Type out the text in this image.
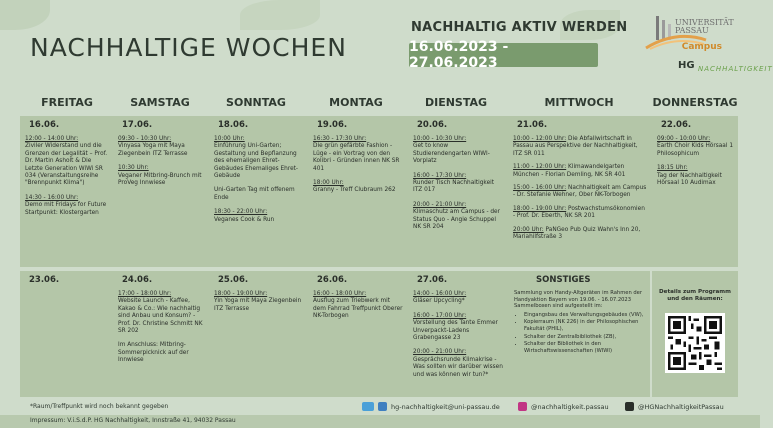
NACHHALTIGE WOCHEN
NACHHALTIG AKTIV WERDEN
16.06.2023 - 27.06.2023
UNIVERSITÄT PASSAU
Campus
HG NACHHALTIGKEIT
FREITAG	SAMSTAG	SONNTAG	MONTAG	DIENSTAG	MITTWOCH	DONNERSTAG
16.06.
12:00 - 14:00 Uhr:
Ziviler Widerstand und die Grenzen der Legalität – Prof. Dr. Martin Asholt & Die Letzte Generation WiWi SR 034 (Veranstaltungsreihe "Brennpunkt Klima")
14:30 - 16:00 Uhr:
Demo mit Fridays for Future Startpunkt: Klostergarten
17.06.
09:30 - 10:30 Uhr:
Vinyasa Yoga mit Maya Ziegenbein ITZ Terrasse
10:30 Uhr:
Veganer Mitbring-Brunch mit ProVeg Innwiese
18.06.
10:00 Uhr:
Einführung Uni-Garten; Gestaltung und Bepflanzung des ehemaligen Ehret-Gebäudes Ehemaliges Ehret-Gebäude
Uni-Garten Tag mit offenem Ende
18:30 - 22:00 Uhr:
Veganes Cook & Run
19.06.
16:30 - 17:30 Uhr:
Die grün gefärbte Fashion - Lüge - ein Vortrag von den Kolibri - Gründen innen NK SR 401
18:00 Uhr:
Granny - Treff Clubraum 262
20.06.
10:00 - 10:30 Uhr:
Get to know Studierendengarten WIWI-Vorplatz
16:00 - 17:30 Uhr:
Runder Tisch Nachhaltigkeit ITZ 017
20:00 - 21:00 Uhr:
Klimaschutz am Campus - der Status Quo - Angie Schuppel NK SR 204
21.06.
10:00 - 12:00 Uhr: Die Abfallwirtschaft in Passau aus Perspektive der Nachhaltigkeit, ITZ SR 011
11:00 - 12:00 Uhr: Klimawandelgarten München - Florian Demling, NK SR 401
15:00 - 16:00 Uhr: Nachhaltigkeit am Campus - Dr. Stefanie Wehner, Ober NK-Torbogen
18:00 - 19:00 Uhr: Postwachstumsökonomien - Prof. Dr. Eberth, NK SR 201
20:00 Uhr: PaNGeo Pub Quiz Wahn's Inn 20, Mariahilfstraße 3
22.06.
09:00 - 10:00 Uhr:
Earth Choir Kids Hörsaal 1 Philosophicum
18:15 Uhr:
Tag der Nachhaltigkeit Hörsaal 10 Audimax
23.06.	24.06.
17:00 - 18:00 Uhr:
Website Launch - Kaffee, Kakao & Co.: Wie nachhaltig sind Anbau und Konsum? - Prof. Dr. Christine Schmitt NK SR 202
Im Anschluss: Mitbring-Sommerpicknick auf der Innwiese
25.06.
18:00 - 19:00 Uhr:
Yin Yoga mit Maya Ziegenbein ITZ Terrasse
26.06.
16:00 - 18:00 Uhr:
Ausflug zum Triebwerk mit dem Fahrrad Treffpunkt Oberer NK-Torbogen
27.06.
14:00 - 16:00 Uhr:
Gläser Upcycling*
16:00 - 17:00 Uhr:
Vorstellung des Tante Emmer Unverpackt-Ladens Grabengasse 23
20:00 - 21:00 Uhr:
Gesprächsrunde Klimakrise - Was sollten wir darüber wissen und was können wir tun?*
SONSTIGES
Sammlung von Handy-Altgeräten im Rahmen der Handyaktion Bayern von 19.06. - 16.07.2023 Sammelboxen sind aufgestellt im:
• Eingangsbau des Verwaltungsgebäudes (VW),
• Kopierraum (NK 226) in der Philosophischen Fakultät (PHIL),
• Schalter der Zentralbibliothek (ZB),
• Schalter der Bibliothek in den Wirtschaftswissenschaften (WIWI)
Details zum Programm und den Räumen:
*Raum/Treffpunkt wird noch bekannt gegeben	hg-nachhaltigkeit@uni-passau.de	@nachhaltigkeit.passau	@HGNachhaltigkeitPassau
Impressum: V.i.S.d.P. HG Nachhaltigkeit, Innstraße 41, 94032 Passau
